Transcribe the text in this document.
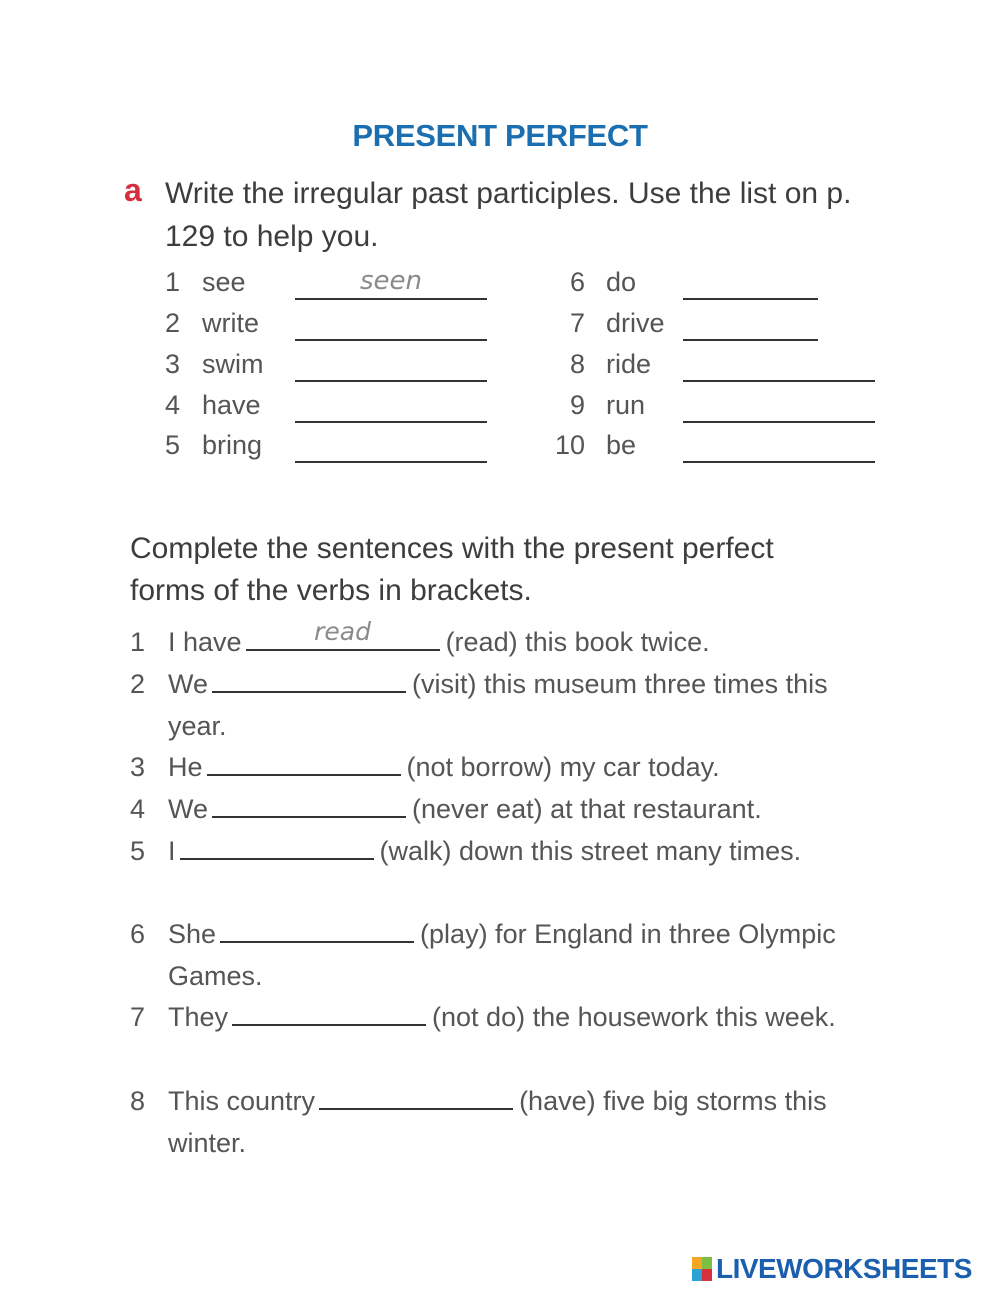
PRESENT PERFECT
a Write the irregular past participles. Use the list on p. 129 to help you.
1 see	seen
2 write
3 swim
4 have
5 bring
6 do
7 drive
8 ride
9 run
10 be
Complete the sentences with the present perfect forms of the verbs in brackets.
1 I have	read	(read) this book twice.
2 We	(visit) this museum three times this year.
3 He	(not borrow) my car today.
4 We	(never eat) at that restaurant.
5 I	(walk) down this street many times.
6 She	(play) for England in three Olympic Games.
7 They	(not do) the housework this week.
8 This country	(have) five big storms this winter.
LIVEWORKSHEETS
